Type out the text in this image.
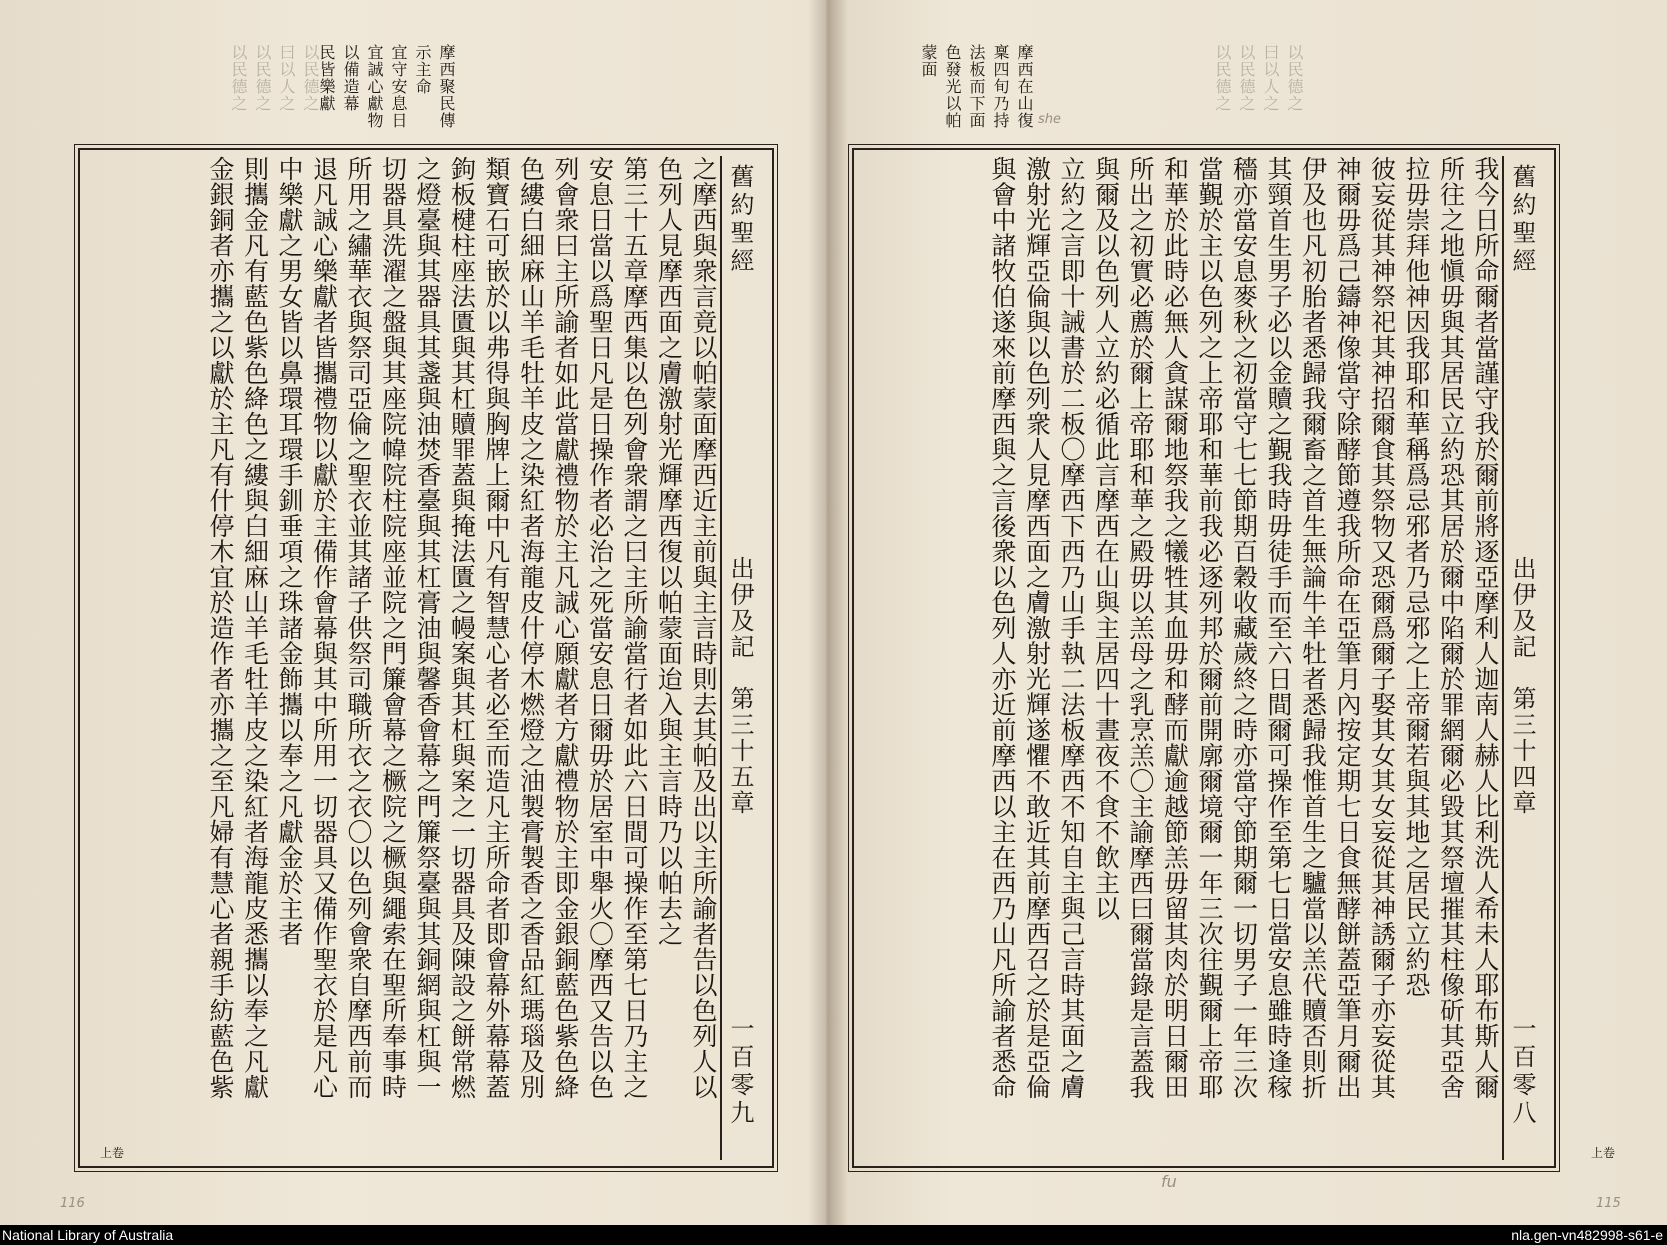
以民德之
曰以人之
以民德之
以民德之	摩西聚民傳
示主命
宜守安息日
宜誠心獻物
以備造幕
民皆樂獻
舊約聖經
出伊及記　第三十五章
一百零九
之摩西與衆言竟以帕蒙面摩西近主前與主言時則去其帕及出以主所諭者告以色列人以
色列人見摩西面之膚激射光輝摩西復以帕蒙面迨入與主言時乃以帕去之
第三十五章摩西集以色列會衆謂之曰主所諭當行者如此六日間可操作至第七日乃主之
安息日當以爲聖日凡是日操作者必治之死當安息日爾毋於居室中舉火〇摩西又告以色
列會衆曰主所諭者如此當獻禮物於主凡誠心願獻者方獻禮物於主即金銀銅藍色紫色絳
色縷白細麻山羊毛牡羊皮之染紅者海龍皮什停木燃燈之油製膏製香之香品紅瑪瑙及別
類寶石可嵌於以弗得與胸牌上爾中凡有智慧心者必至而造凡主所命者即會幕外幕幕蓋
鉤板楗柱座法匱與其杠贖罪蓋與掩法匱之幔案與其杠與案之一切器具及陳設之餅常燃
之燈臺與其器具其盞與油焚香臺與其杠膏油與馨香會幕之門簾祭臺與其銅網與杠與一
切器具洗濯之盤與其座院幃院柱院座並院之門簾會幕之橛院之橛與繩索在聖所奉事時
所用之繡華衣與祭司亞倫之聖衣並其諸子供祭司職所衣之衣〇以色列會衆自摩西前而
退凡誠心樂獻者皆攜禮物以獻於主備作會幕與其中所用一切器具又備作聖衣於是凡心
中樂獻之男女皆以鼻環耳環手釧垂項之珠諸金飾攜以奉之凡獻金於主者
則攜金凡有藍色紫色絳色之縷與白細麻山羊毛牡羊皮之染紅者海龍皮悉攜以奉之凡獻
金銀銅者亦攜之以獻於主凡有什停木宜於造作者亦攜之至凡婦有慧心者親手紡藍色紫
上卷
116
摩西在山復
稟四旬乃持
法板而下面
色發光以帕
蒙面	以民德之
曰以人之
以民德之
以民德之
舊約聖經
出伊及記　第三十四章
一百零八
我今日所命爾者當謹守我於爾前將逐亞摩利人迦南人赫人比利洗人希未人耶布斯人爾
所往之地愼毋與其居民立約恐其居於爾中陷爾於罪網爾必毀其祭壇摧其柱像斫其亞舍
拉毋崇拜他神因我耶和華稱爲忌邪者乃忌邪之上帝爾若與其地之居民立約恐
彼妄從其神祭祀其神招爾食其祭物又恐爾爲爾子娶其女其女妄從其神誘爾子亦妄從其
神爾毋爲己鑄神像當守除酵節遵我所命在亞筆月內按定期七日食無酵餅蓋亞筆月爾出
伊及也凡初胎者悉歸我爾畜之首生無論牛羊牡者悉歸我惟首生之驢當以羔代贖否則折
其頸首生男子必以金贖之覲我時毋徒手而至六日間爾可操作至第七日當安息雖時逢稼
穡亦當安息麥秋之初當守七七節期百穀收藏歲終之時亦當守節期爾一切男子一年三次
當覲於主以色列之上帝耶和華前我必逐列邦於爾前開廓爾境爾一年三次往覲爾上帝耶
和華於此時必無人貪謀爾地祭我之犧牲其血毋和酵而獻逾越節羔毋留其肉於明日爾田
所出之初實必薦於爾上帝耶和華之殿毋以羔母之乳烹羔〇主諭摩西曰爾當錄是言蓋我
與爾及以色列人立約必循此言摩西在山與主居四十晝夜不食不飲主以
立約之言即十誡書於二板〇摩西下西乃山手執二法板摩西不知自主與己言時其面之膚
激射光輝亞倫與以色列衆人見摩西面之膚激射光輝遂懼不敢近其前摩西召之於是亞倫
與會中諸牧伯遂來前摩西與之言後衆以色列人亦近前摩西以主在西乃山凡所諭者悉命
上卷
115
she
fu
National Library of Australia	nla.gen-vn482998-s61-e
